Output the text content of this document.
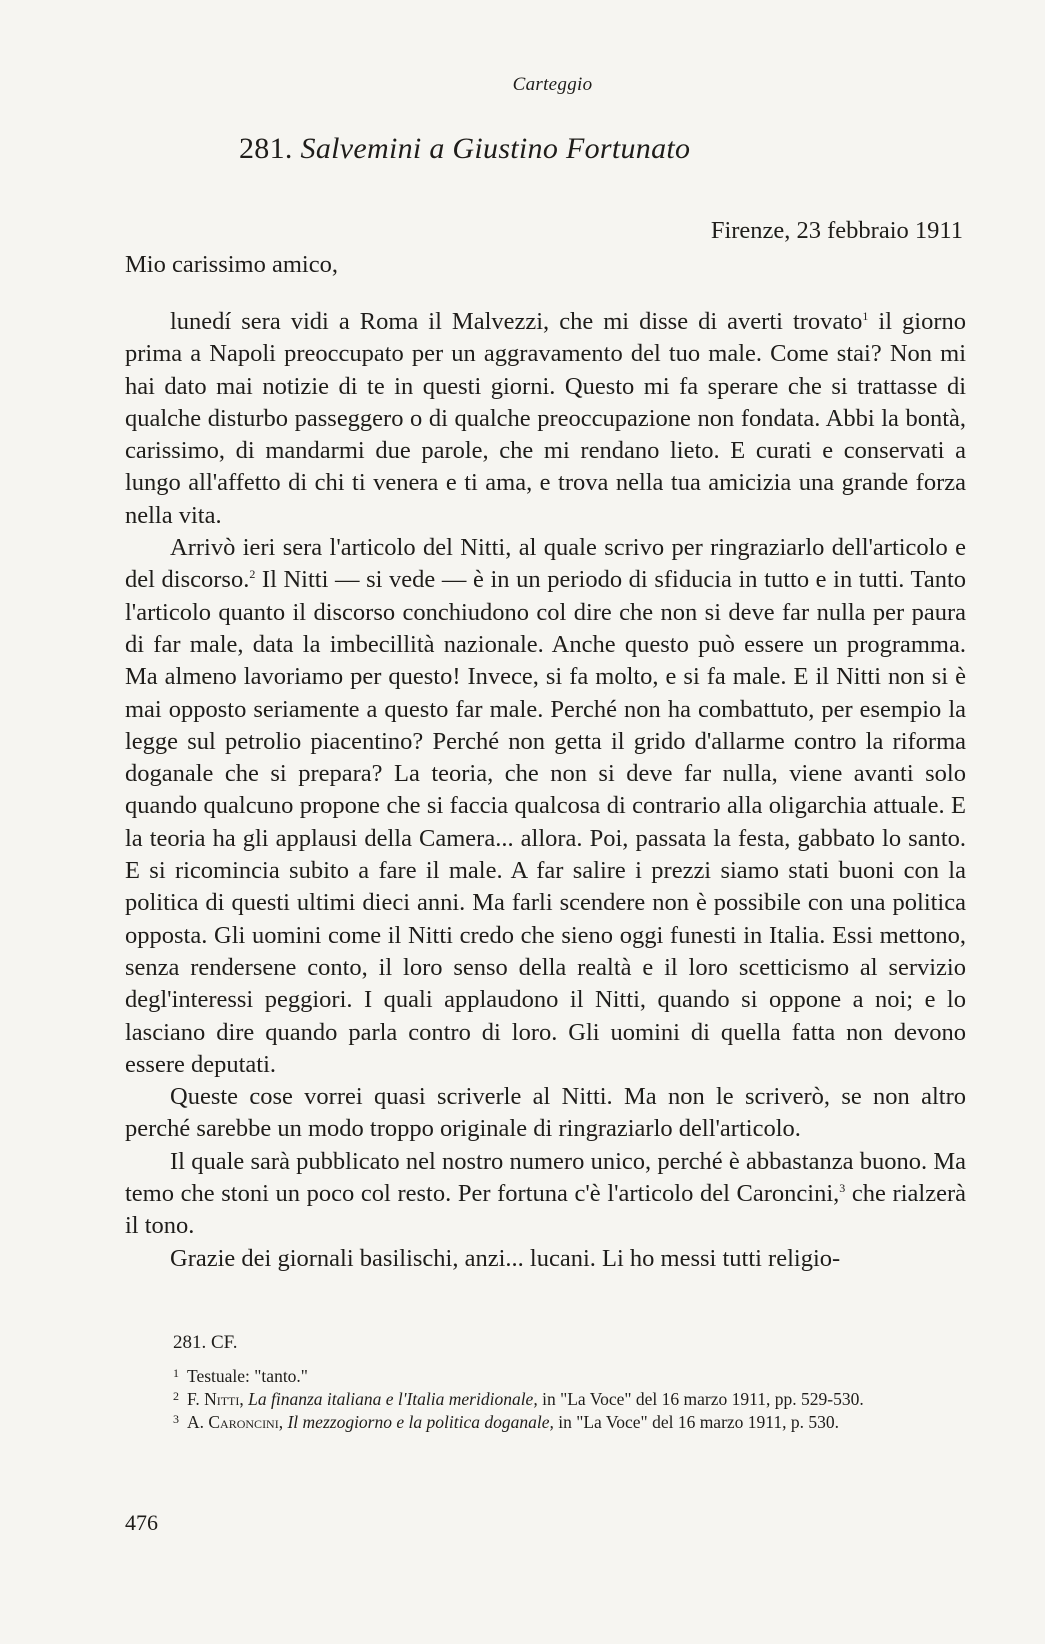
Carteggio
281. Salvemini a Giustino Fortunato
Firenze, 23 febbraio 1911
Mio carissimo amico,

lunedí sera vidi a Roma il Malvezzi, che mi disse di averti trovato$^1$ il giorno prima a Napoli preoccupato per un aggravamento del tuo male. Come stai? Non mi hai dato mai notizie di te in questi giorni. Questo mi fa sperare che si trattasse di qualche disturbo passeggero o di qualche preoccupazione non fondata. Abbi la bontà, carissimo, di mandarmi due parole, che mi rendano lieto. E curati e conservati a lungo all'affetto di chi ti venera e ti ama, e trova nella tua amicizia una grande forza nella vita.

Arrivò ieri sera l'articolo del Nitti, al quale scrivo per ringraziarlo dell'articolo e del discorso.$^2$ Il Nitti — si vede — è in un periodo di sfiducia in tutto e in tutti. Tanto l'articolo quanto il discorso conchiudono col dire che non si deve far nulla per paura di far male, data la imbecillità nazionale. Anche questo può essere un programma. Ma almeno lavoriamo per questo! Invece, si fa molto, e si fa male. E il Nitti non si è mai opposto seriamente a questo far male. Perché non ha combattuto, per esempio la legge sul petrolio piacentino? Perché non getta il grido d'allarme contro la riforma doganale che si prepara? La teoria, che non si deve far nulla, viene avanti solo quando qualcuno propone che si faccia qualcosa di contrario alla oligarchia attuale. E la teoria ha gli applausi della Camera... allora. Poi, passata la festa, gabbato lo santo. E si ricomincia subito a fare il male. A far salire i prezzi siamo stati buoni con la politica di questi ultimi dieci anni. Ma farli scendere non è possibile con una politica opposta. Gli uomini come il Nitti credo che sieno oggi funesti in Italia. Essi mettono, senza rendersene conto, il loro senso della realtà e il loro scetticismo al servizio degl'interessi peggiori. I quali applaudono il Nitti, quando si oppone a noi; e lo lasciano dire quando parla contro di loro. Gli uomini di quella fatta non devono essere deputati.

Queste cose vorrei quasi scriverle al Nitti. Ma non le scriverò, se non altro perché sarebbe un modo troppo originale di ringraziarlo dell'articolo.

Il quale sarà pubblicato nel nostro numero unico, perché è abbastanza buono. Ma temo che stoni un poco col resto. Per fortuna c'è l'articolo del Caroncini,$^3$ che rialzerà il tono.

Grazie dei giornali basilischi, anzi... lucani. Li ho messi tutti religio-

281. CF.
$^1$ Testuale: "tanto."
$^2$ F. Nitti, La finanza italiana e l'Italia meridionale, in "La Voce" del 16 marzo 1911, pp. 529-530.
$^3$ A. Caroncini, Il mezzogiorno e la politica doganale, in "La Voce" del 16 marzo 1911, p. 530.
476
